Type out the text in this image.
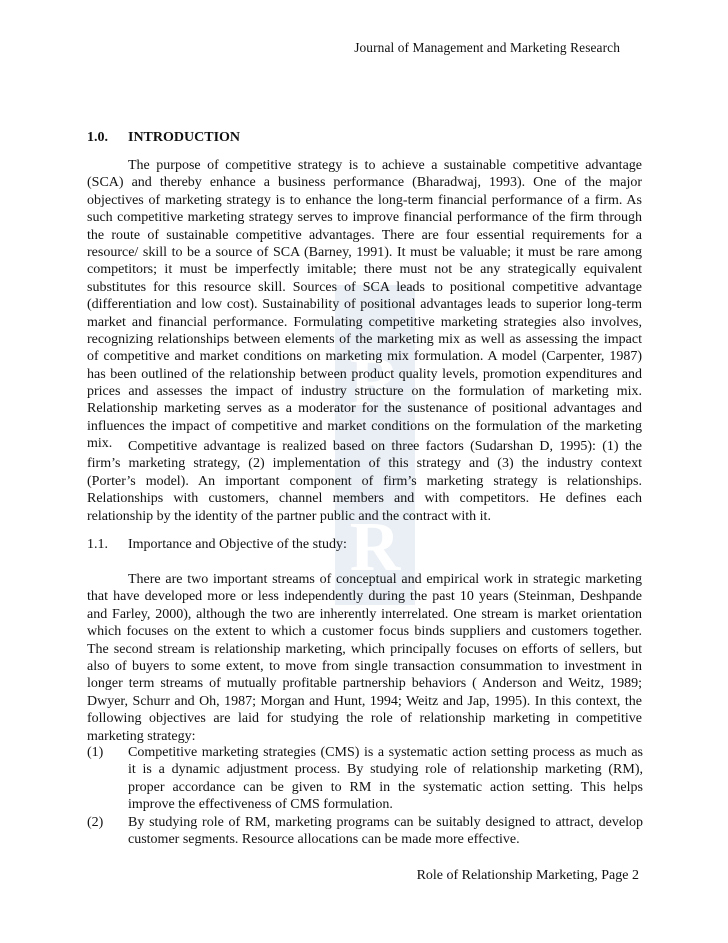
R
R
Journal of Management and Marketing Research
1.0. INTRODUCTION
The purpose of competitive strategy is to achieve a sustainable competitive advantage
(SCA) and thereby enhance a business performance (Bharadwaj, 1993). One of the major
objectives of marketing strategy is to enhance the long-term financial performance of a firm. As
such competitive marketing strategy serves to improve financial performance of the firm through
the route of sustainable competitive advantages. There are four essential requirements for a
resource/ skill to be a source of SCA (Barney, 1991). It must be valuable; it must be rare among
competitors; it must be imperfectly imitable; there must not be any strategically equivalent
substitutes for this resource skill. Sources of SCA leads to positional competitive advantage
(differentiation and low cost). Sustainability of positional advantages leads to superior long-term
market and financial performance. Formulating competitive marketing strategies also involves,
recognizing relationships between elements of the marketing mix as well as assessing the impact
of competitive and market conditions on marketing mix formulation. A model (Carpenter, 1987)
has been outlined of the relationship between product quality levels, promotion expenditures and
prices and assesses the impact of industry structure on the formulation of marketing mix.
Relationship marketing serves as a moderator for the sustenance of positional advantages and
influences the impact of competitive and market conditions on the formulation of the marketing
mix.	Competitive advantage is realized based on three factors (Sudarshan D, 1995): (1) the
firm’s marketing strategy, (2) implementation of this strategy and (3) the industry context
(Porter’s model). An important component of firm’s marketing strategy is relationships.
Relationships with customers, channel members and with competitors. He defines each
relationship by the identity of the partner public and the contract with it.
1.1. Importance and Objective of the study:
There are two important streams of conceptual and empirical work in strategic marketing
that have developed more or less independently during the past 10 years (Steinman, Deshpande
and Farley, 2000), although the two are inherently interrelated. One stream is market orientation
which focuses on the extent to which a customer focus binds suppliers and customers together.
The second stream is relationship marketing, which principally focuses on efforts of sellers, but
also of buyers to some extent, to move from single transaction consummation to investment in
longer term streams of mutually profitable partnership behaviors ( Anderson and Weitz, 1989;
Dwyer, Schurr and Oh, 1987; Morgan and Hunt, 1994; Weitz and Jap, 1995). In this context, the
following objectives are laid for studying the role of relationship marketing in competitive
marketing strategy:
(1) Competitive marketing strategies (CMS) is a systematic action setting process as much as
it is a dynamic adjustment process. By studying role of relationship marketing (RM),
proper accordance can be given to RM in the systematic action setting. This helps
improve the effectiveness of CMS formulation.
(2) By studying role of RM, marketing programs can be suitably designed to attract, develop
customer segments. Resource allocations can be made more effective.
Role of Relationship Marketing, Page 2
